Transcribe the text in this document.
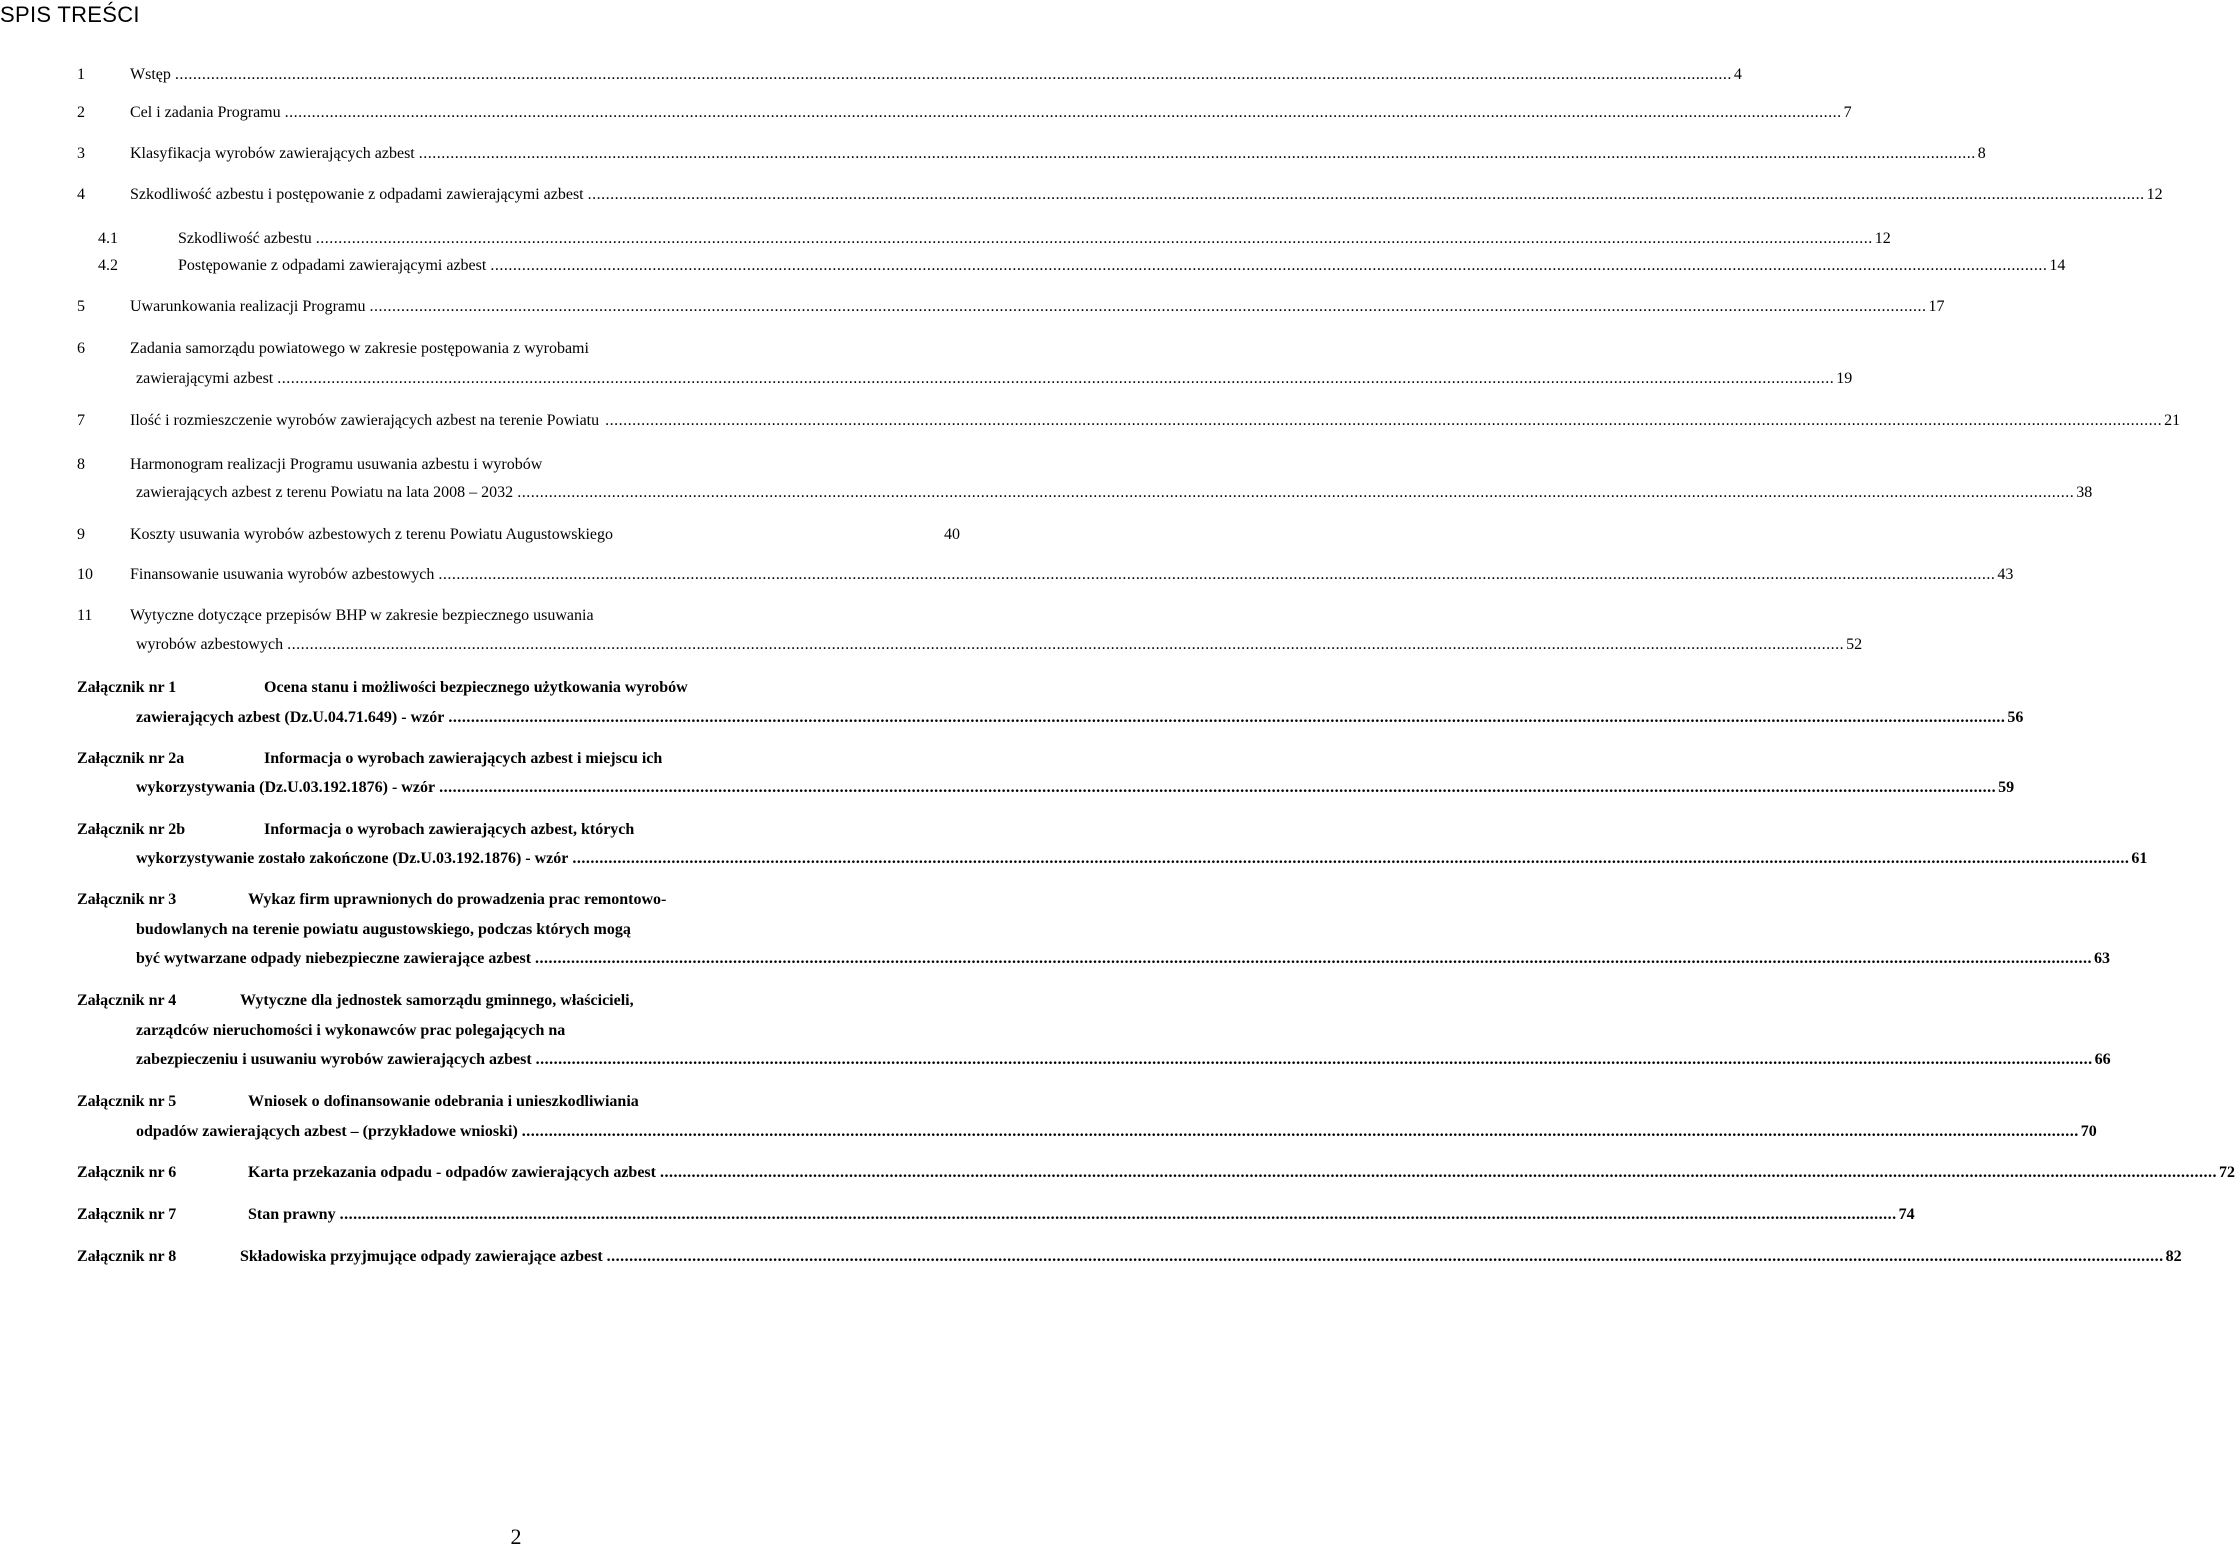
SPIS TREŚCI
1	Wstęp .......................................................................................................................................................................................................................................................................................................................................................... 4
2	Cel i zadania Programu .......................................................................................................................................................................................................................................................................................................................................................... 7
3	Klasyfikacja wyrobów zawierających azbest .......................................................................................................................................................................................................................................................................................................................................................... 8
4	Szkodliwość azbestu i postępowanie z odpadami zawierającymi azbest .......................................................................................................................................................................................................................................................................................................................................................... 12
4.1	Szkodliwość azbestu .......................................................................................................................................................................................................................................................................................................................................................... 12
4.2	Postępowanie z odpadami zawierającymi azbest .......................................................................................................................................................................................................................................................................................................................................................... 14
5	Uwarunkowania realizacji Programu .......................................................................................................................................................................................................................................................................................................................................................... 17
6	Zadania samorządu powiatowego w zakresie postępowania z wyrobami
zawierającymi azbest .......................................................................................................................................................................................................................................................................................................................................................... 19
7	Ilość i rozmieszczenie wyrobów zawierających azbest na terenie Powiatu .......................................................................................................................................................................................................................................................................................................................................................... 21
8	Harmonogram realizacji Programu usuwania azbestu i wyrobów
zawierających azbest z terenu Powiatu na lata 2008 – 2032 .......................................................................................................................................................................................................................................................................................................................................................... 38
9	Koszty usuwania wyrobów azbestowych z terenu Powiatu Augustowskiego	40
10 Finansowanie usuwania wyrobów azbestowych .......................................................................................................................................................................................................................................................................................................................................................... 43
11 Wytyczne dotyczące przepisów BHP w zakresie bezpiecznego usuwania
wyrobów azbestowych .......................................................................................................................................................................................................................................................................................................................................................... 52
Załącznik nr 1	Ocena stanu i możliwości bezpiecznego użytkowania wyrobów
zawierających azbest (Dz.U.04.71.649) - wzór .......................................................................................................................................................................................................................................................................................................................................................... 56
Załącznik nr 2a	Informacja o wyrobach zawierających azbest i miejscu ich
wykorzystywania (Dz.U.03.192.1876) - wzór .......................................................................................................................................................................................................................................................................................................................................................... 59
Załącznik nr 2b	Informacja o wyrobach zawierających azbest, których
wykorzystywanie zostało zakończone (Dz.U.03.192.1876) - wzór .......................................................................................................................................................................................................................................................................................................................................................... 61
Załącznik nr 3	Wykaz firm uprawnionych do prowadzenia prac remontowo-
budowlanych na terenie powiatu augustowskiego, podczas których mogą
być wytwarzane odpady niebezpieczne zawierające azbest .......................................................................................................................................................................................................................................................................................................................................................... 63
Załącznik nr 4	Wytyczne dla jednostek samorządu gminnego, właścicieli,
zarządców nieruchomości i wykonawców prac polegających na
zabezpieczeniu i usuwaniu wyrobów zawierających azbest .......................................................................................................................................................................................................................................................................................................................................................... 66
Załącznik nr 5	Wniosek o dofinansowanie odebrania i unieszkodliwiania
odpadów zawierających azbest – (przykładowe wnioski) .......................................................................................................................................................................................................................................................................................................................................................... 70
Załącznik nr 6	Karta przekazania odpadu - odpadów zawierających azbest .......................................................................................................................................................................................................................................................................................................................................................... 72
Załącznik nr 7	Stan prawny .......................................................................................................................................................................................................................................................................................................................................................... 74
Załącznik nr 8	Składowiska przyjmujące odpady zawierające azbest .......................................................................................................................................................................................................................................................................................................................................................... 82
2
